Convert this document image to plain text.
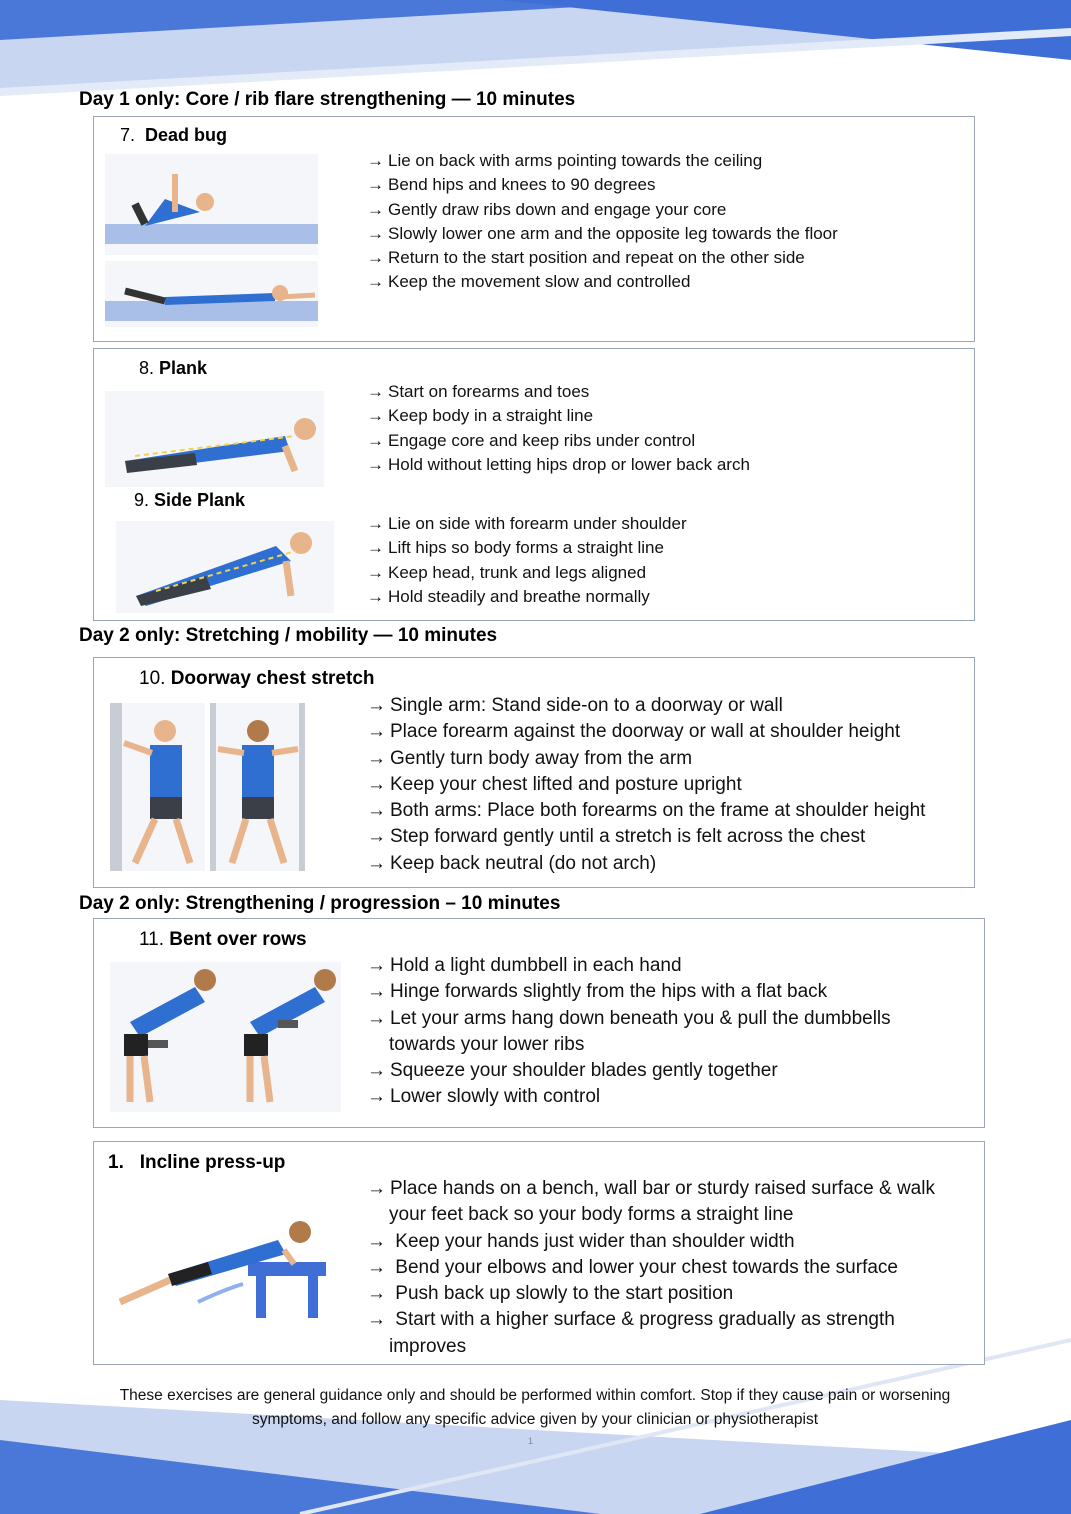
Day 1 only: Core / rib flare strengthening — 10 minutes
7. Dead bug
→ Lie on back with arms pointing towards the ceiling
→ Bend hips and knees to 90 degrees
→ Gently draw ribs down and engage your core
→ Slowly lower one arm and the opposite leg towards the floor
→ Return to the start position and repeat on the other side
→ Keep the movement slow and controlled
8. Plank
→ Start on forearms and toes
→ Keep body in a straight line
→ Engage core and keep ribs under control
→ Hold without letting hips drop or lower back arch
9. Side Plank
→ Lie on side with forearm under shoulder
→ Lift hips so body forms a straight line
→ Keep head, trunk and legs aligned
→ Hold steadily and breathe normally
Day 2 only: Stretching / mobility — 10 minutes
10. Doorway chest stretch
→ Single arm: Stand side-on to a doorway or wall
→ Place forearm against the doorway or wall at shoulder height
→ Gently turn body away from the arm
→ Keep your chest lifted and posture upright
→ Both arms: Place both forearms on the frame at shoulder height
→ Step forward gently until a stretch is felt across the chest
→ Keep back neutral (do not arch)
Day 2 only: Strengthening / progression – 10 minutes
11. Bent over rows
→ Hold a light dumbbell in each hand
→ Hinge forwards slightly from the hips with a flat back
→ Let your arms hang down beneath you & pull the dumbbells
towards your lower ribs
→ Squeeze your shoulder blades gently together
→ Lower slowly with control
1. Incline press-up
→ Place hands on a bench, wall bar or sturdy raised surface & walk
your feet back so your body forms a straight line
→ Keep your hands just wider than shoulder width
→ Bend your elbows and lower your chest towards the surface
→ Push back up slowly to the start position
→ Start with a higher surface & progress gradually as strength
improves
These exercises are general guidance only and should be performed within comfort. Stop if they cause pain or worsening
symptoms, and follow any specific advice given by your clinician or physiotherapist
1
